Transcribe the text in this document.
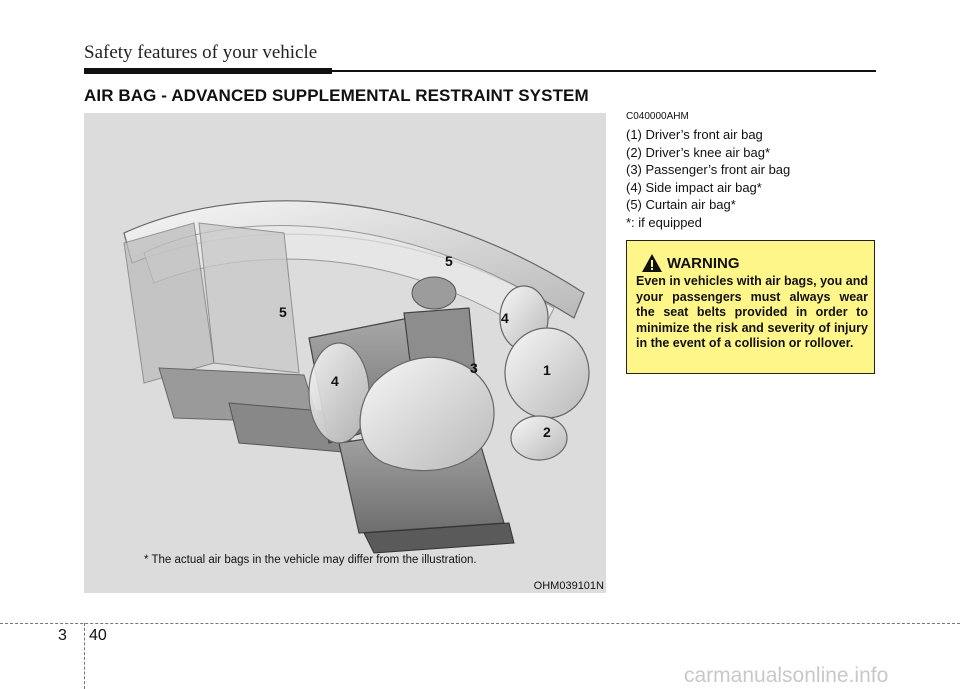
Safety features of your vehicle
AIR BAG - ADVANCED SUPPLEMENTAL RESTRAINT SYSTEM
5
5	4
4
3	1
2
* The actual air bags in the vehicle may differ from the illustration.
OHM039101N
C040000AHM
(1) Driver’s front air bag
(2) Driver’s knee air bag*
(3) Passenger’s front air bag
(4) Side impact air bag*
(5) Curtain air bag*
*: if equipped
WARNING
Even in vehicles with air bags, you and your passengers must always wear the seat belts provided in order to minimize the risk and severity of injury in the event of a collision or rollover.
3 40
carmanualsonline.info
